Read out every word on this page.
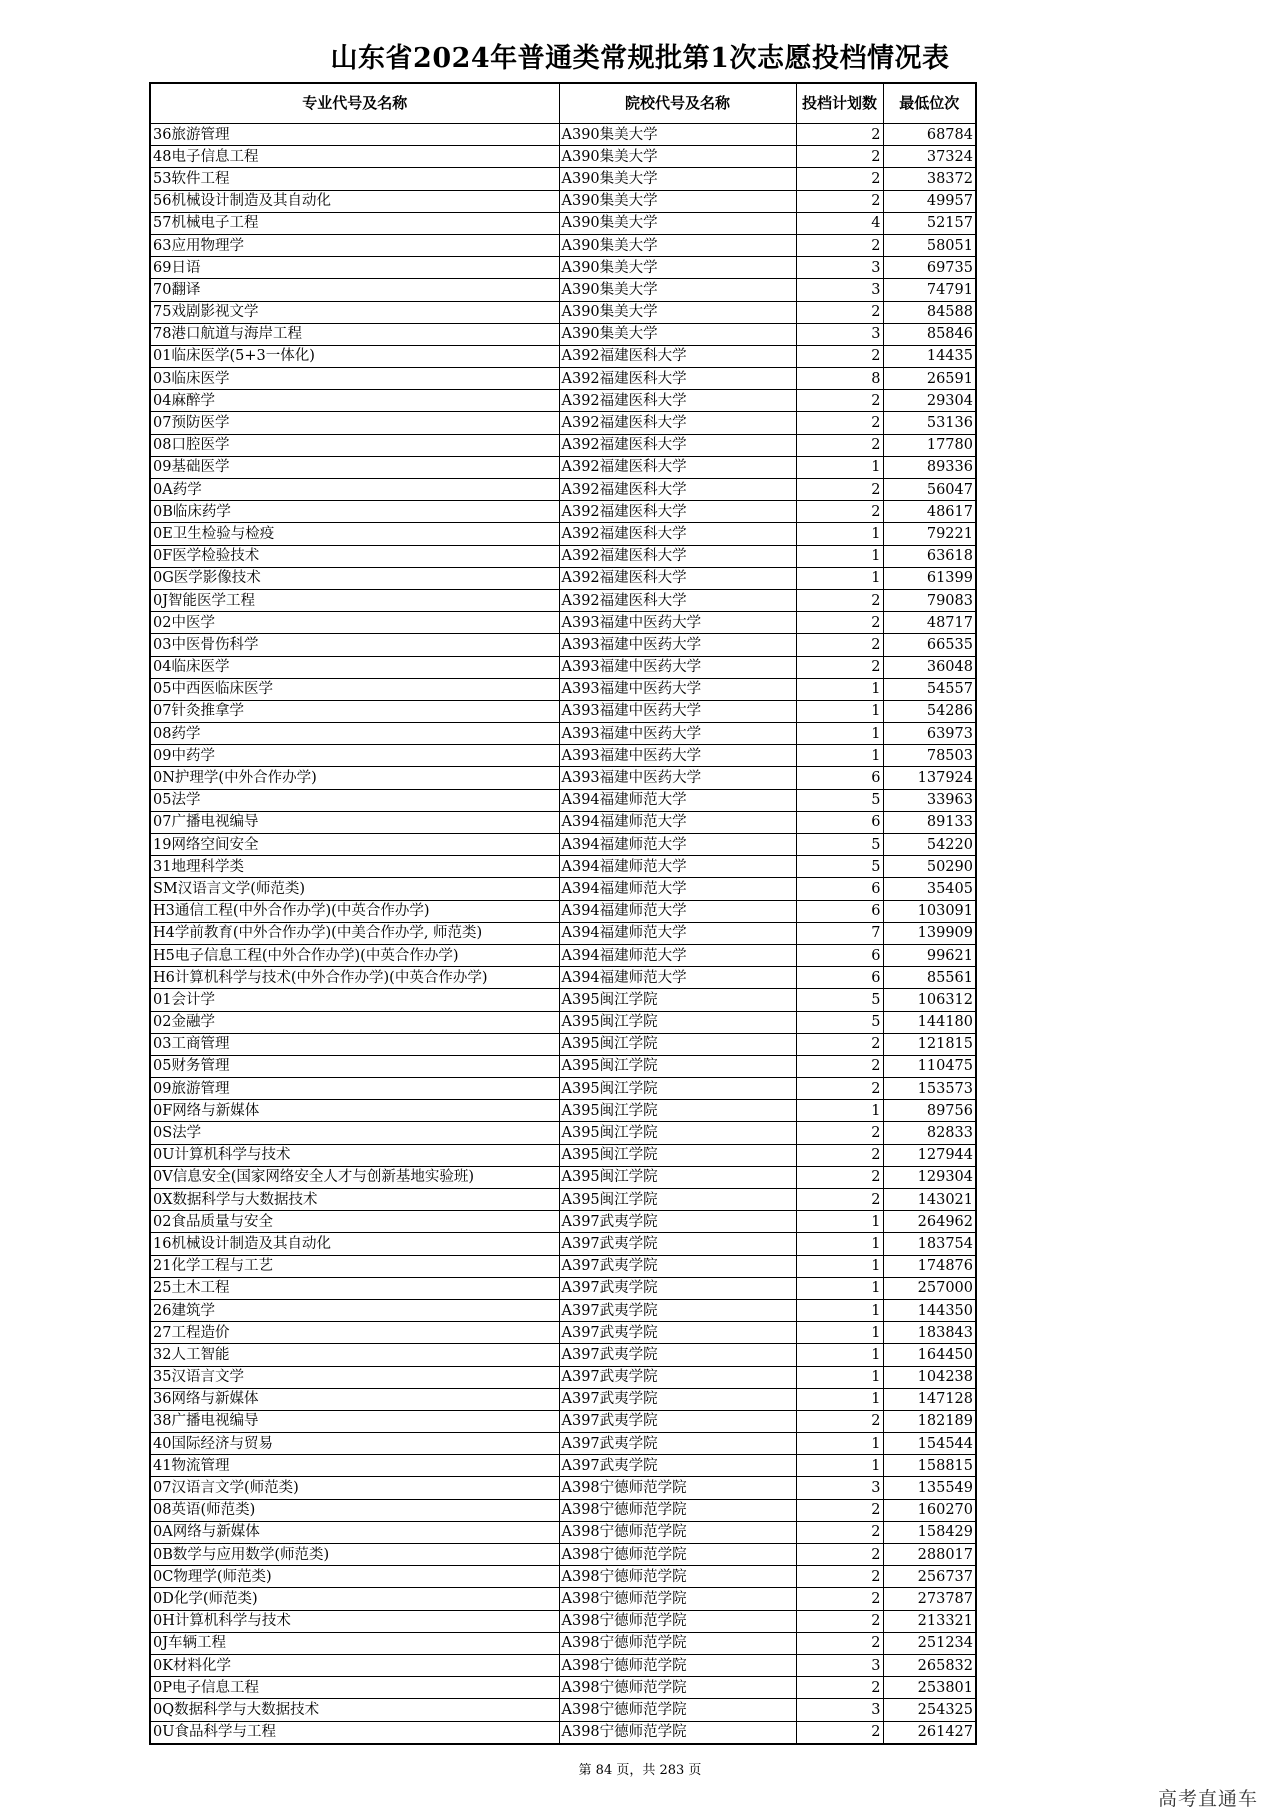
山东省2024年普通类常规批第1次志愿投档情况表
专业代号及名称	院校代号及名称	投档计划数	最低位次
36旅游管理	A390集美大学	2	68784
48电子信息工程	A390集美大学	2	37324
53软件工程	A390集美大学	2	38372
56机械设计制造及其自动化	A390集美大学	2	49957
57机械电子工程	A390集美大学	4	52157
63应用物理学	A390集美大学	2	58051
69日语	A390集美大学	3	69735
70翻译	A390集美大学	3	74791
75戏剧影视文学	A390集美大学	2	84588
78港口航道与海岸工程	A390集美大学	3	85846
01临床医学(5+3一体化)	A392福建医科大学	2	14435
03临床医学	A392福建医科大学	8	26591
04麻醉学	A392福建医科大学	2	29304
07预防医学	A392福建医科大学	2	53136
08口腔医学	A392福建医科大学	2	17780
09基础医学	A392福建医科大学	1	89336
0A药学	A392福建医科大学	2	56047
0B临床药学	A392福建医科大学	2	48617
0E卫生检验与检疫	A392福建医科大学	1	79221
0F医学检验技术	A392福建医科大学	1	63618
0G医学影像技术	A392福建医科大学	1	61399
0J智能医学工程	A392福建医科大学	2	79083
02中医学	A393福建中医药大学	2	48717
03中医骨伤科学	A393福建中医药大学	2	66535
04临床医学	A393福建中医药大学	2	36048
05中西医临床医学	A393福建中医药大学	1	54557
07针灸推拿学	A393福建中医药大学	1	54286
08药学	A393福建中医药大学	1	63973
09中药学	A393福建中医药大学	1	78503
0N护理学(中外合作办学)	A393福建中医药大学	6	137924
05法学	A394福建师范大学	5	33963
07广播电视编导	A394福建师范大学	6	89133
19网络空间安全	A394福建师范大学	5	54220
31地理科学类	A394福建师范大学	5	50290
SM汉语言文学(师范类)	A394福建师范大学	6	35405
H3通信工程(中外合作办学)(中英合作办学)	A394福建师范大学	6	103091
H4学前教育(中外合作办学)(中美合作办学, 师范类)	A394福建师范大学	7	139909
H5电子信息工程(中外合作办学)(中英合作办学)	A394福建师范大学	6	99621
H6计算机科学与技术(中外合作办学)(中英合作办学)	A394福建师范大学	6	85561
01会计学	A395闽江学院	5	106312
02金融学	A395闽江学院	5	144180
03工商管理	A395闽江学院	2	121815
05财务管理	A395闽江学院	2	110475
09旅游管理	A395闽江学院	2	153573
0F网络与新媒体	A395闽江学院	1	89756
0S法学	A395闽江学院	2	82833
0U计算机科学与技术	A395闽江学院	2	127944
0V信息安全(国家网络安全人才与创新基地实验班)	A395闽江学院	2	129304
0X数据科学与大数据技术	A395闽江学院	2	143021
02食品质量与安全	A397武夷学院	1	264962
16机械设计制造及其自动化	A397武夷学院	1	183754
21化学工程与工艺	A397武夷学院	1	174876
25土木工程	A397武夷学院	1	257000
26建筑学	A397武夷学院	1	144350
27工程造价	A397武夷学院	1	183843
32人工智能	A397武夷学院	1	164450
35汉语言文学	A397武夷学院	1	104238
36网络与新媒体	A397武夷学院	1	147128
38广播电视编导	A397武夷学院	2	182189
40国际经济与贸易	A397武夷学院	1	154544
41物流管理	A397武夷学院	1	158815
07汉语言文学(师范类)	A398宁德师范学院	3	135549
08英语(师范类)	A398宁德师范学院	2	160270
0A网络与新媒体	A398宁德师范学院	2	158429
0B数学与应用数学(师范类)	A398宁德师范学院	2	288017
0C物理学(师范类)	A398宁德师范学院	2	256737
0D化学(师范类)	A398宁德师范学院	2	273787
0H计算机科学与技术	A398宁德师范学院	2	213321
0J车辆工程	A398宁德师范学院	2	251234
0K材料化学	A398宁德师范学院	3	265832
0P电子信息工程	A398宁德师范学院	2	253801
0Q数据科学与大数据技术	A398宁德师范学院	3	254325
0U食品科学与工程	A398宁德师范学院	2	261427
第 84 页，共 283 页
高考直通车
